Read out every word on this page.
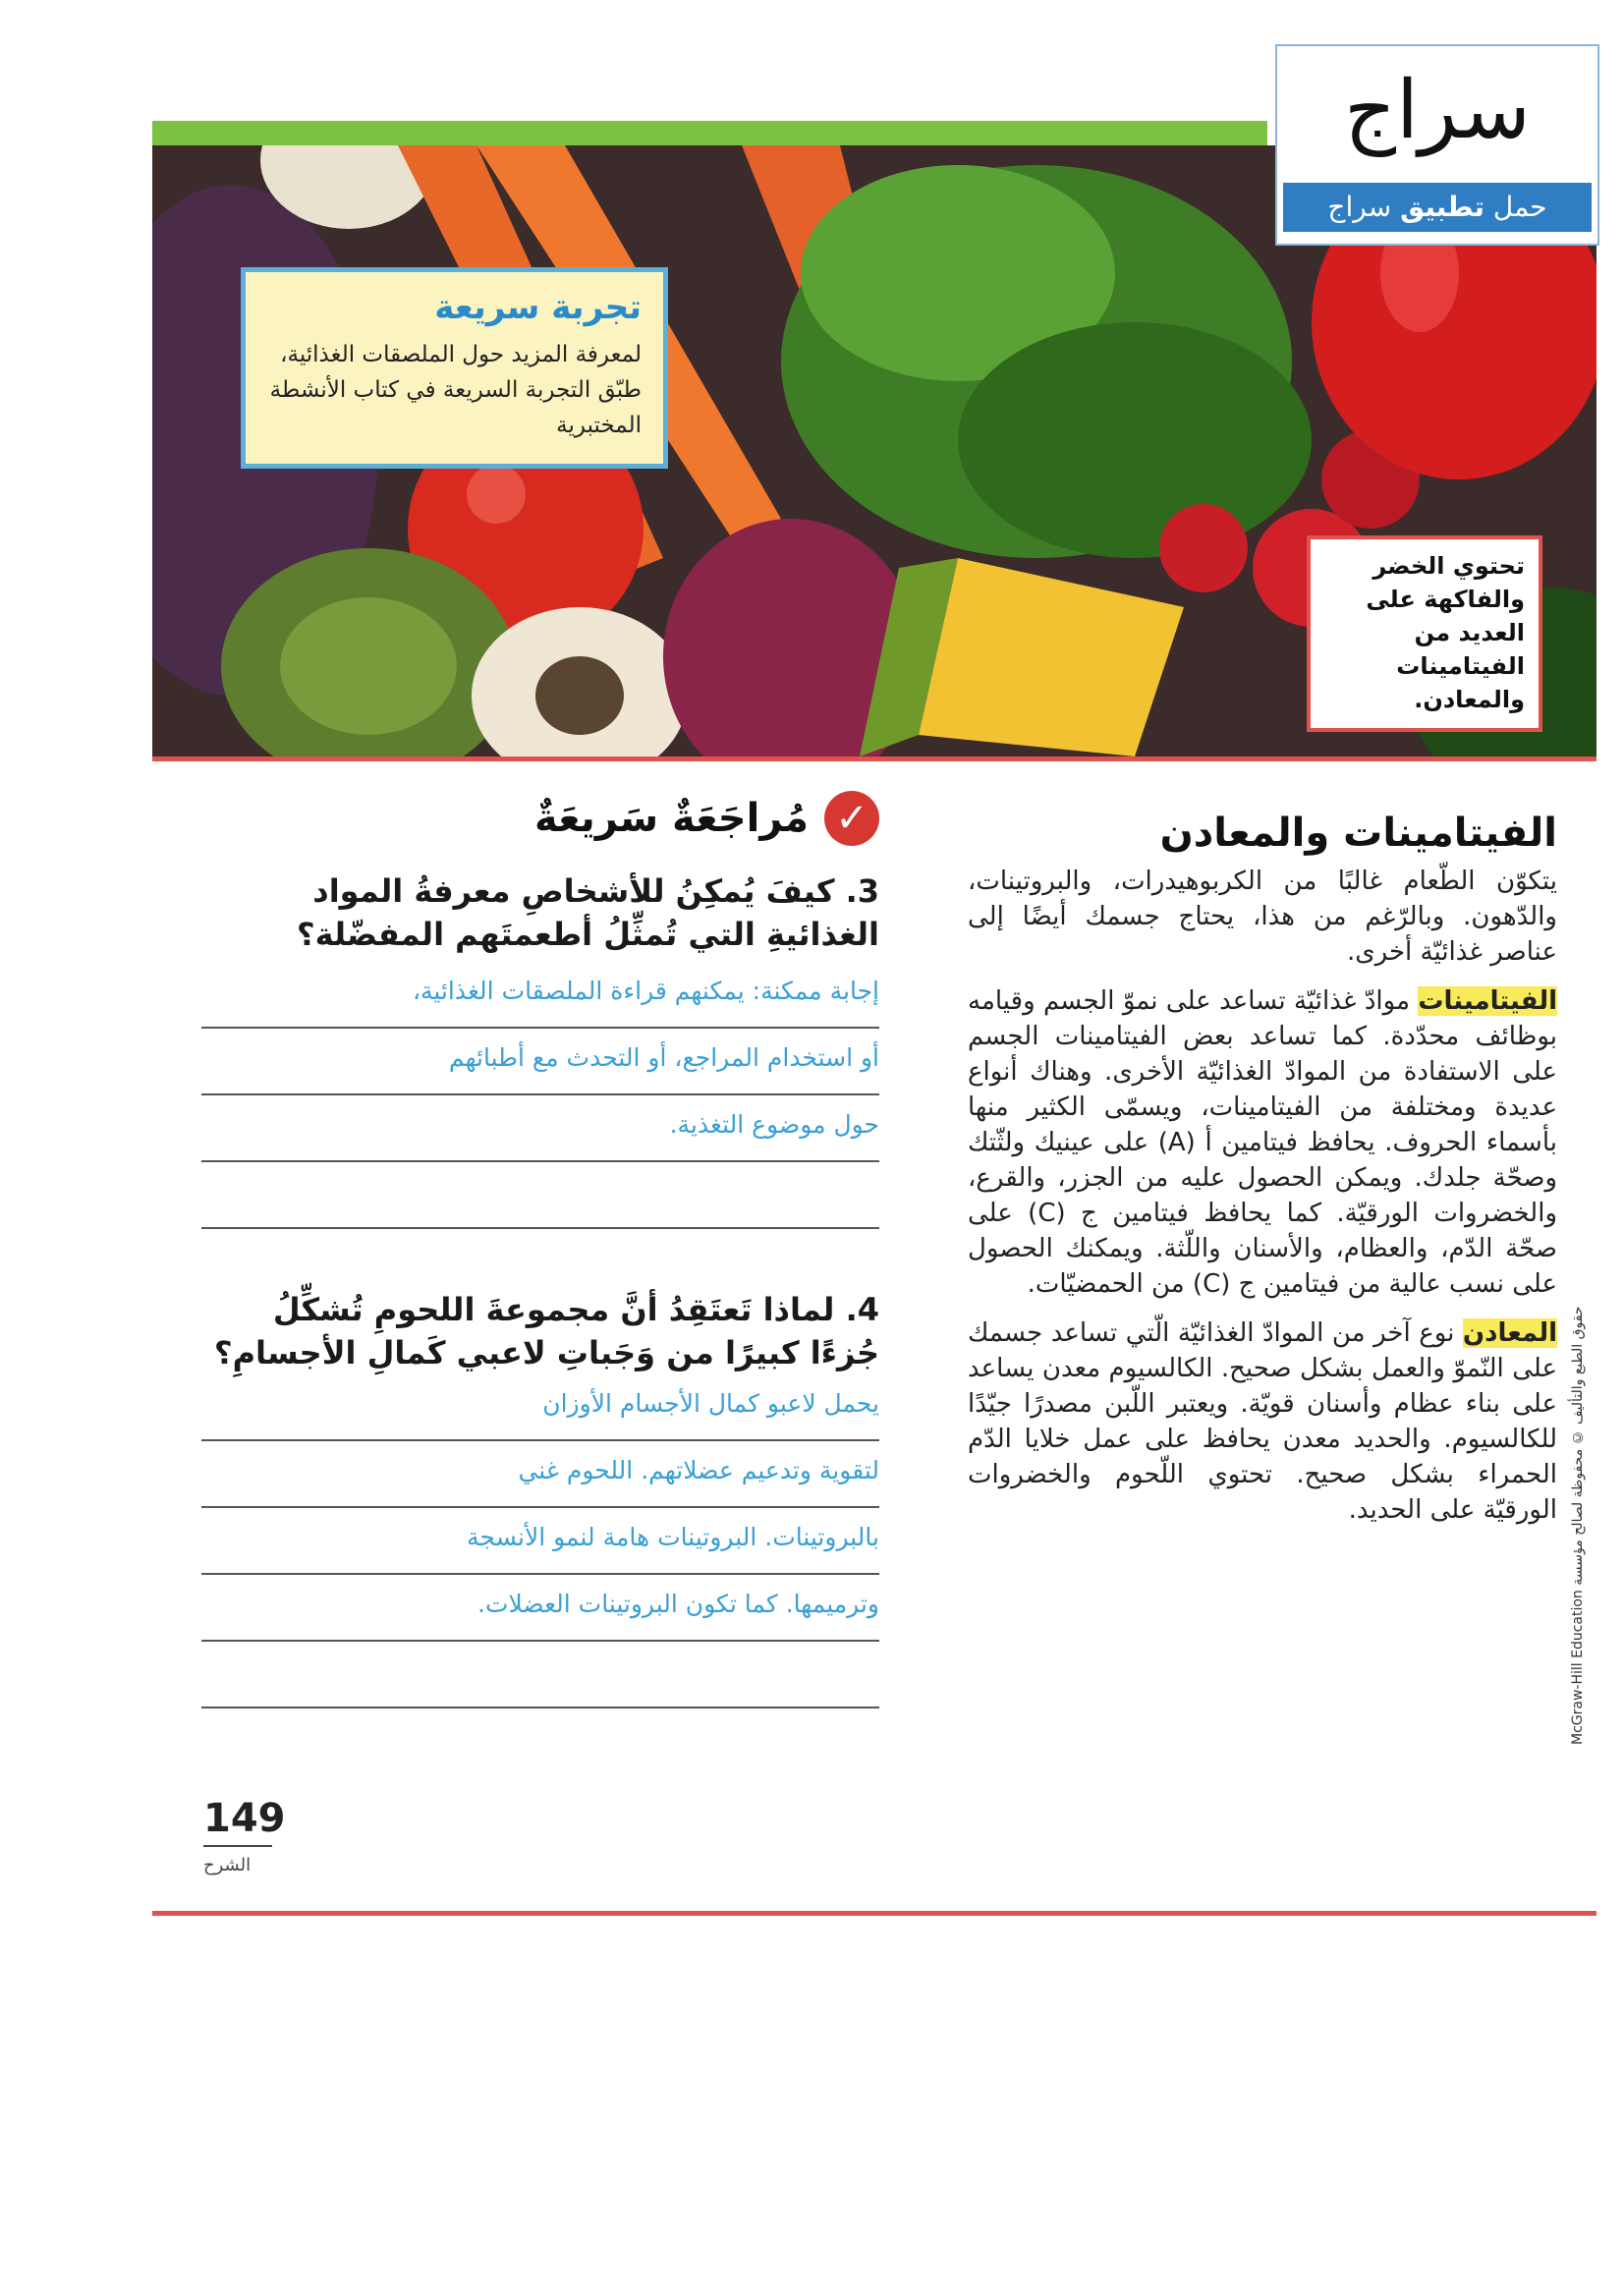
سراج
حمل تطبيق سراج
تجربة سريعة
لمعرفة المزيد حول الملصقات الغذائية، طبّق التجربة السريعة في كتاب الأنشطة المختبرية
تحتوي الخضر والفاكهة على العديد من الفيتامينات والمعادن.
✓
مُراجَعَةٌ سَريعَةٌ
3. كيفَ يُمكِنُ للأشخاصِ معرفةُ المواد الغذائيةِ التي تُمثِّلُ أطعمتَهم المفضّلة؟
إجابة ممكنة: يمكنهم قراءة الملصقات الغذائية،
أو استخدام المراجع، أو التحدث مع أطبائهم
حول موضوع التغذية.
4. لماذا تَعتَقِدُ أنَّ مجموعةَ اللحومِ تُشكِّلُ جُزءًا كبيرًا من وَجَباتِ لاعبي كَمالِ الأجسامِ؟
يحمل لاعبو كمال الأجسام الأوزان
لتقوية وتدعيم عضلاتهم. اللحوم غني
بالبروتينات. البروتينات هامة لنمو الأنسجة
وترميمها. كما تكون البروتينات العضلات.
الفيتامينات والمعادن

يتكوّن الطّعام غالبًا من الكربوهيدرات، والبروتينات، والدّهون. وبالرّغم من هذا، يحتاج جسمك أيضًا إلى عناصر غذائيّة أخرى.

الفيتامينات موادّ غذائيّة تساعد على نموّ الجسم وقيامه بوظائف محدّدة. كما تساعد بعض الفيتامينات الجسم على الاستفادة من الموادّ الغذائيّة الأخرى. وهناك أنواع عديدة ومختلفة من الفيتامينات، ويسمّى الكثير منها بأسماء الحروف. يحافظ فيتامين أ (A) على عينيك ولثّتك وصحّة جلدك. ويمكن الحصول عليه من الجزر، والقرع، والخضروات الورقيّة. كما يحافظ فيتامين ج (C) على صحّة الدّم، والعظام، والأسنان واللّثة. ويمكنك الحصول على نسب عالية من فيتامين ج (C) من الحمضيّات.

المعادن نوع آخر من الموادّ الغذائيّة الّتي تساعد جسمك على النّموّ والعمل بشكل صحيح. الكالسيوم معدن يساعد على بناء عظام وأسنان قويّة. ويعتبر اللّبن مصدرًا جيّدًا للكالسيوم. والحديد معدن يحافظ على عمل خلايا الدّم الحمراء بشكل صحيح. تحتوي اللّحوم والخضروات الورقيّة على الحديد.

حقوق الطبع والتأليف © محفوظة لصالح مؤسسة McGraw-Hill Education
149
الشرح
